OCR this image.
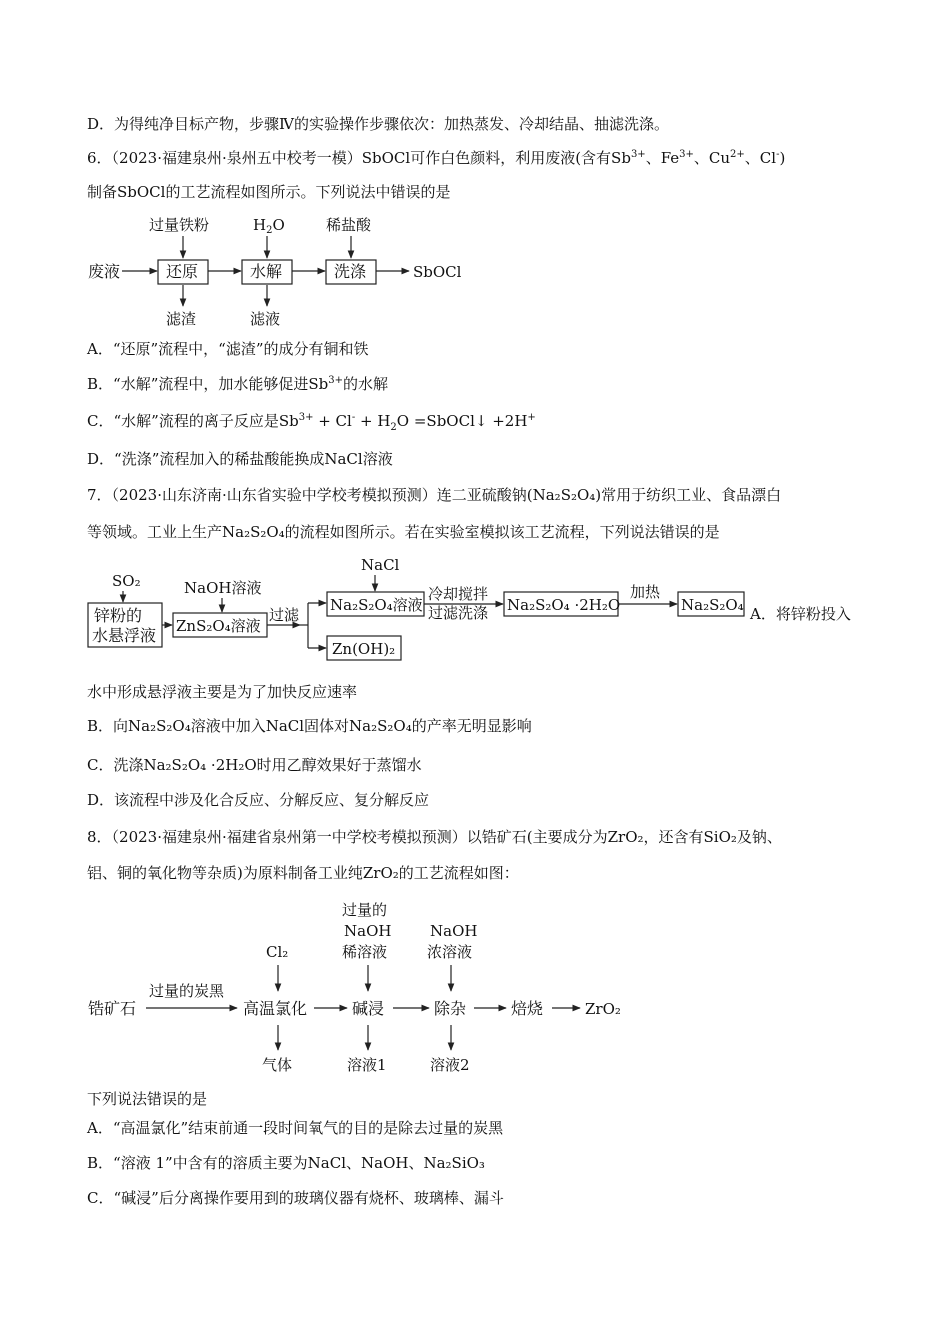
D．为得纯净目标产物，步骤Ⅳ的实验操作步骤依次：加热蒸发、冷却结晶、抽滤洗涤。
6．（2023·福建泉州·泉州五中校考一模）SbOCl可作白色颜料，利用废液(含有$Sb^{3+}$、$Fe^{3+}$、$Cu^{2+}$、Cl-)
制备SbOCl的工艺流程如图所示。下列说法中错误的是
废液	还原	水解	洗涤	SbOCl
过量铁粉	$H_2O$	稀盐酸
滤渣	滤液
A．“还原”流程中，“滤渣”的成分有铜和铁
B．“水解”流程中，加水能够促进$Sb^{3+}$的水解
C．“水解”流程的离子反应是$Sb^{3+} + Cl^- + H_2O$ =SbOCl↓ +2H+
D．“洗涤”流程加入的稀盐酸能换成NaCl溶液
7．（2023·山东济南·山东省实验中学校考模拟预测）连二亚硫酸钠(Na₂S₂O₄)常用于纺织工业、食品漂白
等领域。工业上生产Na₂S₂O₄的流程如图所示。若在实验室模拟该工艺流程，下列说法错误的是
SO₂
锌粉的
水悬浮液
NaOH溶液
ZnS₂O₄溶液
过滤
NaCl
Na₂S₂O₄溶液
Zn(OH)₂
冷却搅拌
过滤洗涤 Na₂S₂O₄ ·2H₂O
加热
Na₂S₂O₄ A．将锌粉投入
水中形成悬浮液主要是为了加快反应速率
B．向Na₂S₂O₄溶液中加入NaCl固体对Na₂S₂O₄的产率无明显影响
C．洗涤Na₂S₂O₄ ·2H₂O时用乙醇效果好于蒸馏水
D．该流程中涉及化合反应、分解反应、复分解反应
8．（2023·福建泉州·福建省泉州第一中学校考模拟预测）以锆矿石(主要成分为ZrO₂，还含有SiO₂及钠、
铝、铜的氧化物等杂质)为原料制备工业纯ZrO₂的工艺流程如图：
过量的
NaOH
稀溶液
NaOH
浓溶液
Cl₂
锆矿石
过量的炭黑
高温氯化	碱浸	除杂	焙烧	ZrO₂
气体	溶液1	溶液2
下列说法错误的是
A．“高温氯化”结束前通一段时间氧气的目的是除去过量的炭黑
B．“溶液 1”中含有的溶质主要为NaCl、NaOH、Na₂SiO₃
C．“碱浸”后分离操作要用到的玻璃仪器有烧杯、玻璃棒、漏斗
